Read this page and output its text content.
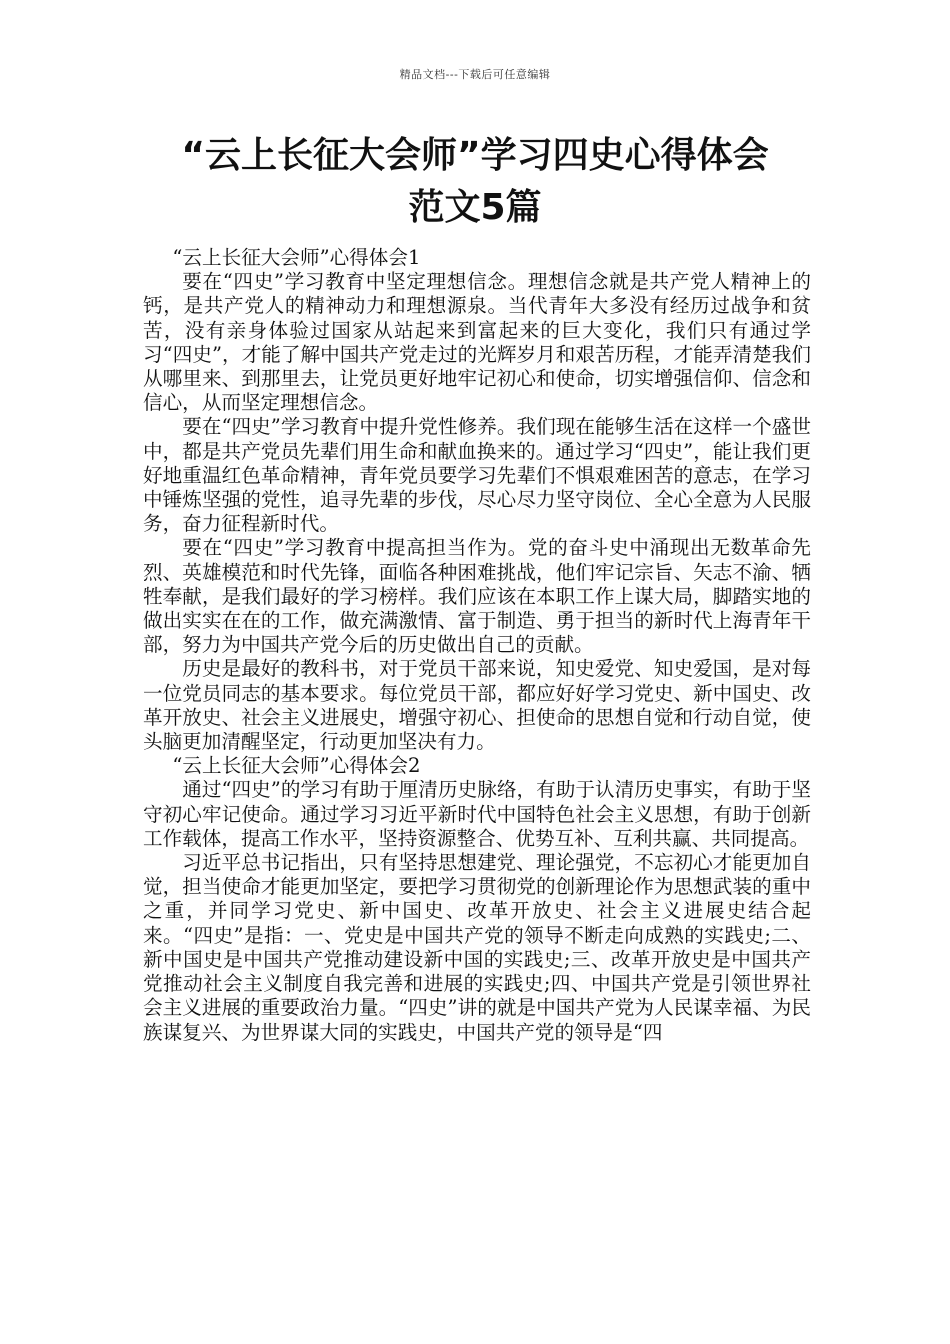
精品文档---下载后可任意编辑
“云上长征大会师”学习四史心得体会
范文5篇

“云上长征大会师”心得体会1

要在“四史”学习教育中坚定理想信念。理想信念就是共产党人精神上的钙，是共产党人的精神动力和理想源泉。当代青年大多没有经历过战争和贫苦，没有亲身体验过国家从站起来到富起来的巨大变化，我们只有通过学习“四史”，才能了解中国共产党走过的光辉岁月和艰苦历程，才能弄清楚我们从哪里来、到那里去，让党员更好地牢记初心和使命，切实增强信仰、信念和信心，从而坚定理想信念。

要在“四史”学习教育中提升党性修养。我们现在能够生活在这样一个盛世中，都是共产党员先辈们用生命和献血换来的。通过学习“四史”，能让我们更好地重温红色革命精神，青年党员要学习先辈们不惧艰难困苦的意志，在学习中锤炼坚强的党性，追寻先辈的步伐，尽心尽力坚守岗位、全心全意为人民服务，奋力征程新时代。

要在“四史”学习教育中提高担当作为。党的奋斗史中涌现出无数革命先烈、英雄模范和时代先锋，面临各种困难挑战，他们牢记宗旨、矢志不渝、牺牲奉献，是我们最好的学习榜样。我们应该在本职工作上谋大局，脚踏实地的做出实实在在的工作，做充满激情、富于制造、勇于担当的新时代上海青年干部，努力为中国共产党今后的历史做出自己的贡献。

历史是最好的教科书，对于党员干部来说，知史爱党、知史爱国，是对每一位党员同志的基本要求。每位党员干部，都应好好学习党史、新中国史、改革开放史、社会主义进展史，增强守初心、担使命的思想自觉和行动自觉，使头脑更加清醒坚定，行动更加坚决有力。

“云上长征大会师”心得体会2

通过“四史”的学习有助于厘清历史脉络，有助于认清历史事实，有助于坚守初心牢记使命。通过学习习近平新时代中国特色社会主义思想，有助于创新工作载体，提高工作水平，坚持资源整合、优势互补、互利共赢、共同提高。

习近平总书记指出，只有坚持思想建党、理论强党，不忘初心才能更加自觉，担当使命才能更加坚定，要把学习贯彻党的创新理论作为思想武装的重中之重，并同学习党史、新中国史、改革开放史、社会主义进展史结合起来。“四史”是指：一、党史是中国共产党的领导不断走向成熟的实践史;二、新中国史是中国共产党推动建设新中国的实践史;三、改革开放史是中国共产党推动社会主义制度自我完善和进展的实践史;四、中国共产党是引领世界社会主义进展的重要政治力量。“四史”讲的就是中国共产党为人民谋幸福、为民族谋复兴、为世界谋大同的实践史，中国共产党的领导是“四
